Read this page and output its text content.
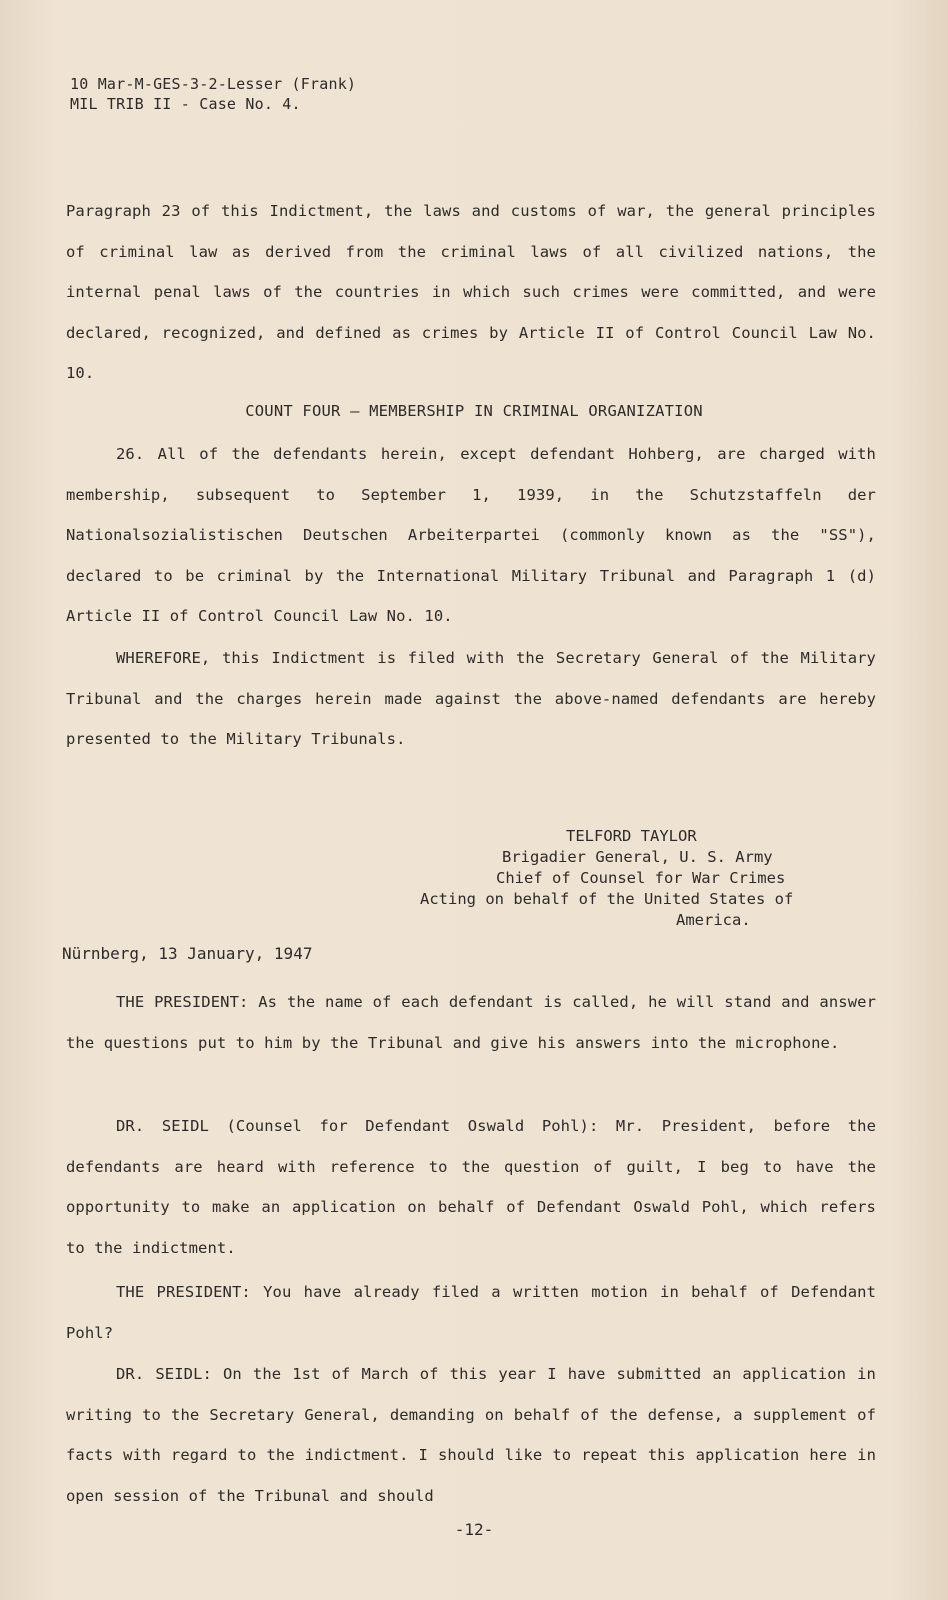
10 Mar-M-GES-3-2-Lesser (Frank)
MIL TRIB II - Case No. 4.
Paragraph 23 of this Indictment, the laws and customs of war, the general principles of criminal law as derived from the criminal laws of all civilized nations, the internal penal laws of the countries in which such crimes were committed, and were declared, recognized, and defined as crimes by Article II of Control Council Law No. 10.
COUNT FOUR — MEMBERSHIP IN CRIMINAL ORGANIZATION
26. All of the defendants herein, except defendant Hohberg, are charged with membership, subsequent to September 1, 1939, in the Schutzstaffeln der Nationalsozialistischen Deutschen Arbeiterpartei (commonly known as the "SS"), declared to be criminal by the International Military Tribunal and Paragraph 1 (d) Article II of Control Council Law No. 10.
WHEREFORE, this Indictment is filed with the Secretary General of the Military Tribunal and the charges herein made against the above-named defendants are hereby presented to the Military Tribunals.
TELFORD TAYLOR
Brigadier General, U. S. Army
Chief of Counsel for War Crimes
Acting on behalf of the United States of
America.
Nürnberg, 13 January, 1947
THE PRESIDENT: As the name of each defendant is called, he will stand and answer the questions put to him by the Tribunal and give his answers into the microphone.
DR. SEIDL (Counsel for Defendant Oswald Pohl): Mr. President, before the defendants are heard with reference to the question of guilt, I beg to have the opportunity to make an application on behalf of Defendant Oswald Pohl, which refers to the indictment.
THE PRESIDENT: You have already filed a written motion in behalf of Defendant Pohl?
DR. SEIDL: On the 1st of March of this year I have submitted an application in writing to the Secretary General, demanding on behalf of the defense, a supplement of facts with regard to the indictment. I should like to repeat this application here in open session of the Tribunal and should
-12-
